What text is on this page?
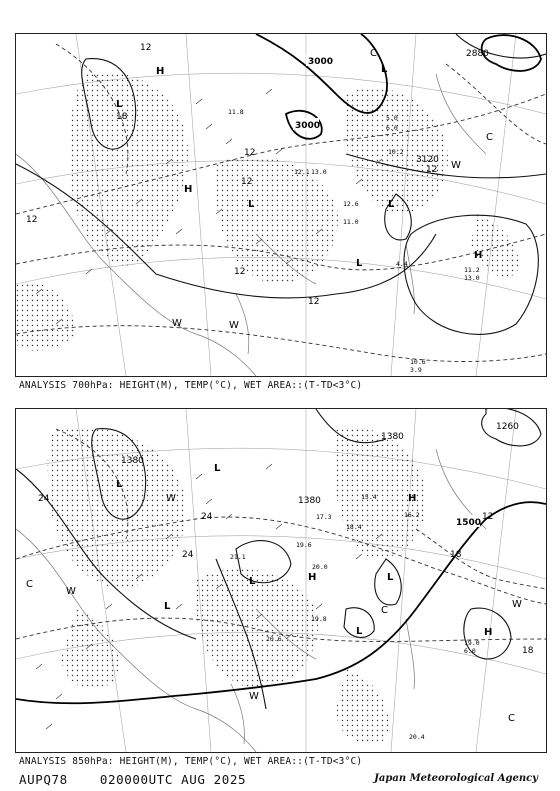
3000
3000
2880
3120
12
12
12
12
12
12
12
18
L
L
L
L
L
H
H
H
W	W
W
C
C
11.8
12.1 13.0
12.6
11.0
10.2
4.4
11.2
13.0
10.6
3.9
5.0
6.0
ANALYSIS 700hPa: HEIGHT(M), TEMP(°C), WET AREA::(T-TD<3°C)
1380
1380
1260
1380
1500
24
24
24
12
18
18
L
L
L
L
L
L
H
H
H
W
W
W
W
C
C
C
19.6
20.0
21.1
17.3
18.4
15.4
19.8
20.6
16.2
19.0
6.0
20.4
ANALYSIS 850hPa: HEIGHT(M), TEMP(°C), WET AREA::(T-TD<3°C)
AUPQ78	020000UTC AUG 2025	Japan Meteorological Agency
